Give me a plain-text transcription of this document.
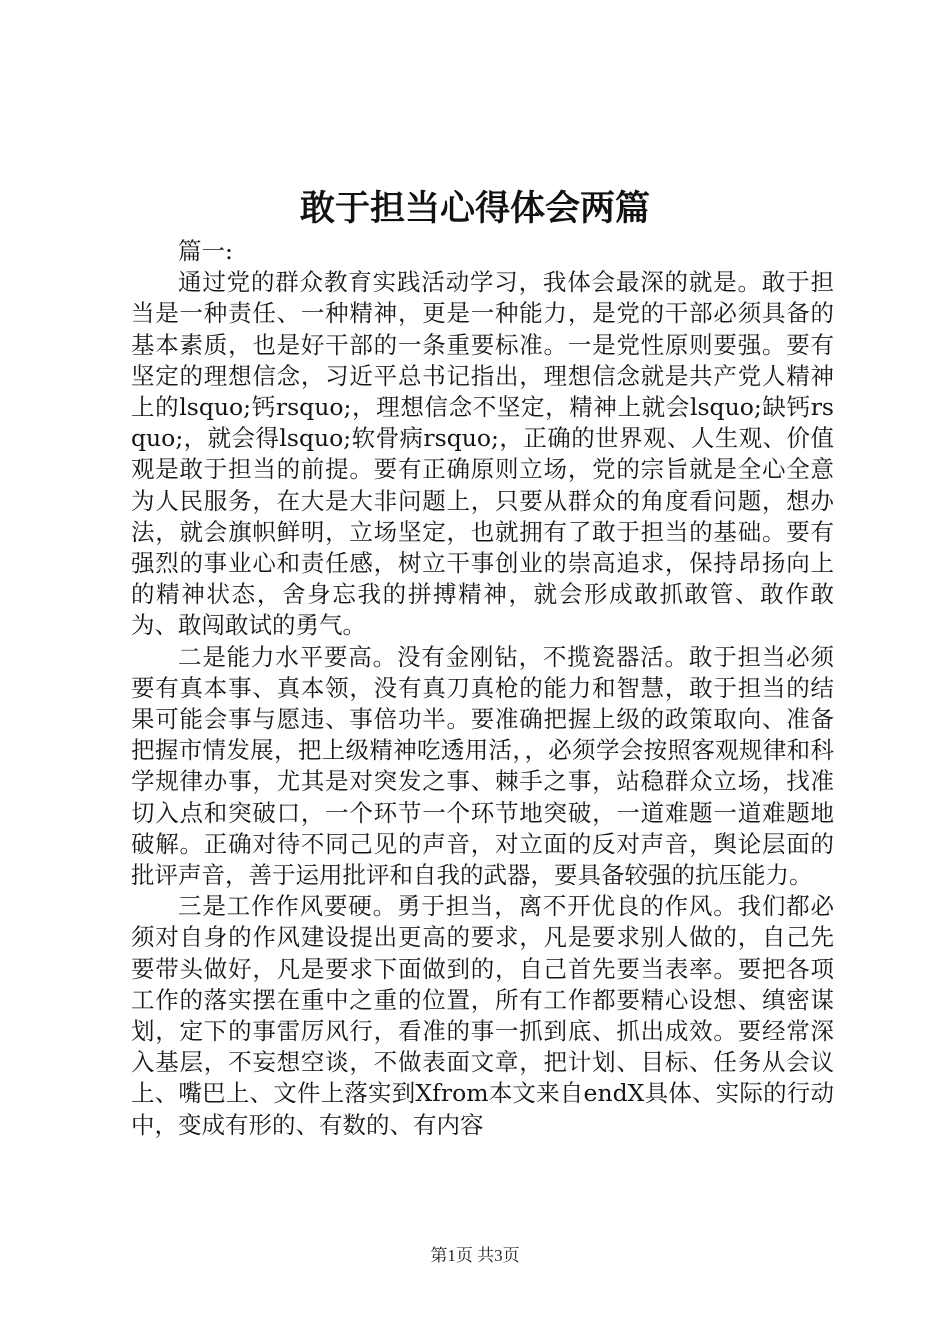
敢于担当心得体会两篇

篇一:

通过党的群众教育实践活动学习，我体会最深的就是。敢于担当是一种责任、一种精神，更是一种能力，是党的干部必须具备的基本素质，也是好干部的一条重要标准。一是党性原则要强。要有坚定的理想信念，习近平总书记指出，理想信念就是共产党人精神上的lsquo;钙rsquo;，理想信念不坚定，精神上就会lsquo;缺钙rsquo;，就会得lsquo;软骨病rsquo;，正确的世界观、人生观、价值观是敢于担当的前提。要有正确原则立场，党的宗旨就是全心全意为人民服务，在大是大非问题上，只要从群众的角度看问题，想办法，就会旗帜鲜明，立场坚定，也就拥有了敢于担当的基础。要有强烈的事业心和责任感，树立干事创业的崇高追求，保持昂扬向上的精神状态，舍身忘我的拼搏精神，就会形成敢抓敢管、敢作敢为、敢闯敢试的勇气。

二是能力水平要高。没有金刚钻，不揽瓷器活。敢于担当必须要有真本事、真本领，没有真刀真枪的能力和智慧，敢于担当的结果可能会事与愿违、事倍功半。要准确把握上级的政策取向、准备把握市情发展，把上级精神吃透用活，，必须学会按照客观规律和科学规律办事，尤其是对突发之事、棘手之事，站稳群众立场，找准切入点和突破口，一个环节一个环节地突破，一道难题一道难题地破解。正确对待不同己见的声音，对立面的反对声音，舆论层面的批评声音，善于运用批评和自我的武器，要具备较强的抗压能力。

三是工作作风要硬。勇于担当，离不开优良的作风。我们都必须对自身的作风建设提出更高的要求，凡是要求别人做的，自己先要带头做好，凡是要求下面做到的，自己首先要当表率。要把各项工作的落实摆在重中之重的位置，所有工作都要精心设想、缜密谋划，定下的事雷厉风行，看准的事一抓到底、抓出成效。要经常深入基层，不妄想空谈，不做表面文章，把计划、目标、任务从会议上、嘴巴上、文件上落实到Xfrom本文来自endX具体、实际的行动中，变成有形的、有数的、有内容

第1页 共3页
